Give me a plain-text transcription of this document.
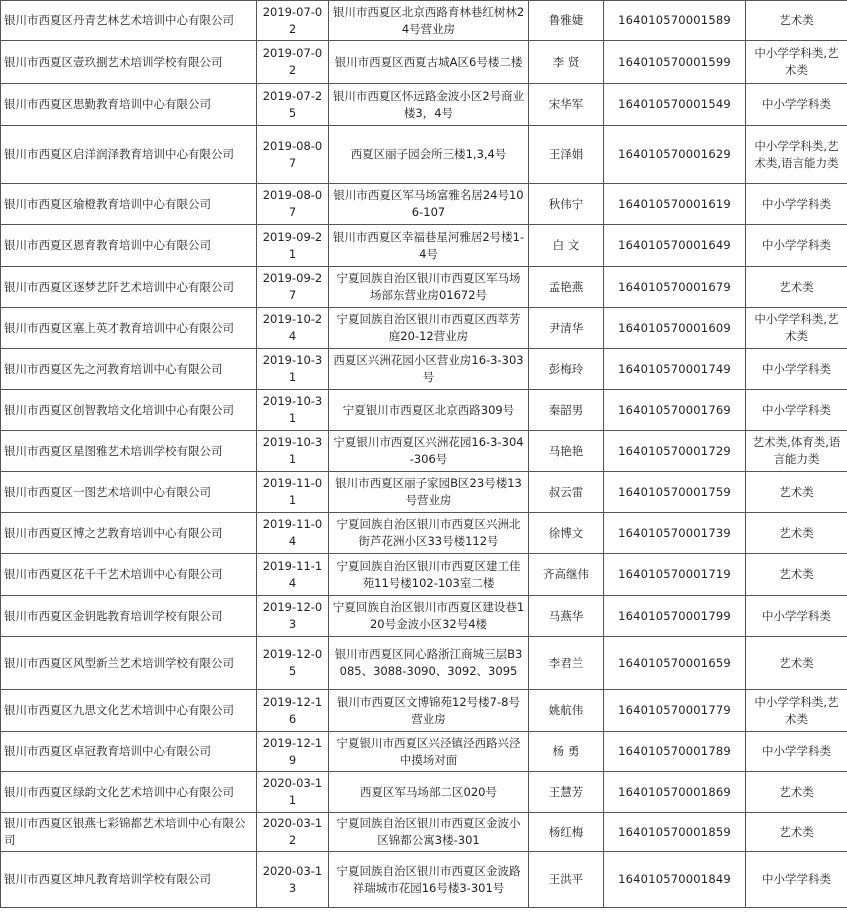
银川市西夏区丹青艺林艺术培训中心有限公司	2019-07-02	银川市西夏区北京西路育林巷红树林24号营业房	鲁雅婕	164010570001589	艺术类
银川市西夏区壹玖捌艺术培训学校有限公司	2019-07-02	银川市西夏区西夏古城A区6号楼二楼	李 贤	164010570001599	中小学学科类,艺术类
银川市西夏区思勤教育培训中心有限公司	2019-07-25	银川市西夏区怀远路金波小区2号商业楼3，4号	宋华军	164010570001549	中小学学科类
银川市西夏区启洋润泽教育培训中心有限公司	2019-08-07	西夏区丽子园会所三楼1,3,4号	王泽娟	164010570001629	中小学学科类,艺术类,语言能力类
银川市西夏区瑜橙教育培训中心有限公司	2019-08-07	银川市西夏区军马场富雅名居24号106-107	秋伟宁	164010570001619	中小学学科类
银川市西夏区恩育教育培训中心有限公司	2019-09-21	银川市西夏区幸福巷星河雅居2号楼1-4号	白 文	164010570001649	中小学学科类
银川市西夏区逐梦艺阡艺术培训中心有限公司	2019-09-27	宁夏回族自治区银川市西夏区军马场场部东营业房01672号	孟艳燕	164010570001679	艺术类
银川市西夏区塞上英才教育培训中心有限公司	2019-10-24	宁夏回族自治区银川市西夏区西萃芳庭20-12营业房	尹清华	164010570001609	中小学学科类,艺术类
银川市西夏区先之河教育培训中心有限公司	2019-10-31	西夏区兴洲花园小区营业房16-3-303号	彭梅玲	164010570001749	中小学学科类
银川市西夏区创智教培文化培训中心有限公司	2019-10-31	宁夏银川市西夏区北京西路309号	秦韶男	164010570001769	中小学学科类
银川市西夏区星图雅艺术培训学校有限公司	2019-10-31	宁夏银川市西夏区兴洲花园16-3-304-306号	马艳艳	164010570001729	艺术类,体育类,语言能力类
银川市西夏区一图艺术培训中心有限公司	2019-11-01	银川市西夏区丽子家园B区23号楼13号营业房	叔云雷	164010570001759	艺术类
银川市西夏区博之艺教育培训中心有限公司	2019-11-04	宁夏回族自治区银川市西夏区兴洲北街芦花洲小区33号楼112号	徐博文	164010570001739	艺术类
银川市西夏区花千千艺术培训中心有限公司	2019-11-14	宁夏回族自治区银川市西夏区建工佳苑11号楼102-103室二楼	齐高继伟	164010570001719	艺术类
银川市西夏区金钥匙教育培训学校有限公司	2019-12-03	宁夏回族自治区银川市西夏区建设巷120号金波小区32号4楼	马燕华	164010570001799	中小学学科类
银川市西夏区风型新兰艺术培训学校有限公司	2019-12-05	银川市西夏区同心路浙江商城三层B3085、3088-3090、3092、3095	李君兰	164010570001659	艺术类
银川市西夏区九思文化艺术培训中心有限公司	2019-12-16	银川市西夏区文博锦苑12号楼7-8号营业房	姚航伟	164010570001779	中小学学科类,艺术类
银川市西夏区卓冠教育培训中心有限公司	2019-12-19	宁夏银川市西夏区兴泾镇泾西路兴泾中摸场对面	杨 勇	164010570001789	中小学学科类
银川市西夏区绿韵文化艺术培训中心有限公司	2020-03-11	西夏区军马场部二区020号	王慧芳	164010570001869	艺术类
银川市西夏区银燕七彩锦都艺术培训中心有限公司	2020-03-12	宁夏回族自治区银川市西夏区金波小区锦都公寓3楼-301	杨红梅	164010570001859	艺术类
银川市西夏区坤凡教育培训学校有限公司	2020-03-13	宁夏回族自治区银川市西夏区金波路祥瑞城市花园16号楼3-301号	王洪平	164010570001849	中小学学科类
